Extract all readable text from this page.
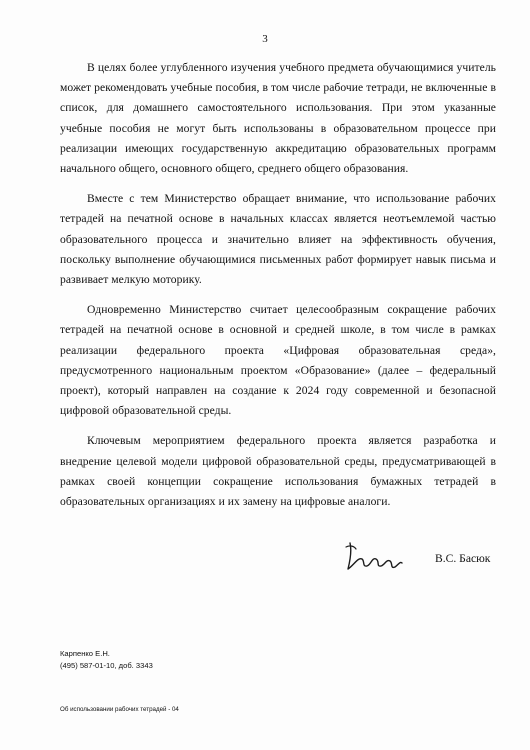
3

В целях более углубленного изучения учебного предмета обучающимися учитель может рекомендовать учебные пособия, в том числе рабочие тетради, не включенные в список, для домашнего самостоятельного использования. При этом указанные учебные пособия не могут быть использованы в образовательном процессе при реализации имеющих государственную аккредитацию образовательных программ начального общего, основного общего, среднего общего образования.

Вместе с тем Министерство обращает внимание, что использование рабочих тетрадей на печатной основе в начальных классах является неотъемлемой частью образовательного процесса и значительно влияет на эффективность обучения, поскольку выполнение обучающимися письменных работ формирует навык письма и развивает мелкую моторику.

Одновременно Министерство считает целесообразным сокращение рабочих тетрадей на печатной основе в основной и средней школе, в том числе в рамках реализации федерального проекта «Цифровая образовательная среда», предусмотренного национальным проектом «Образование» (далее – федеральный проект), который направлен на создание к 2024 году современной и безопасной цифровой образовательной среды.

Ключевым мероприятием федерального проекта является разработка и внедрение целевой модели цифровой образовательной среды, предусматривающей в рамках своей концепции сокращение использования бумажных тетрадей в образовательных организациях и их замену на цифровые аналоги.

В.С. Басюк
Карпенко Е.Н.
(495) 587-01-10, доб. 3343
Об использовании рабочих тетрадей - 04
